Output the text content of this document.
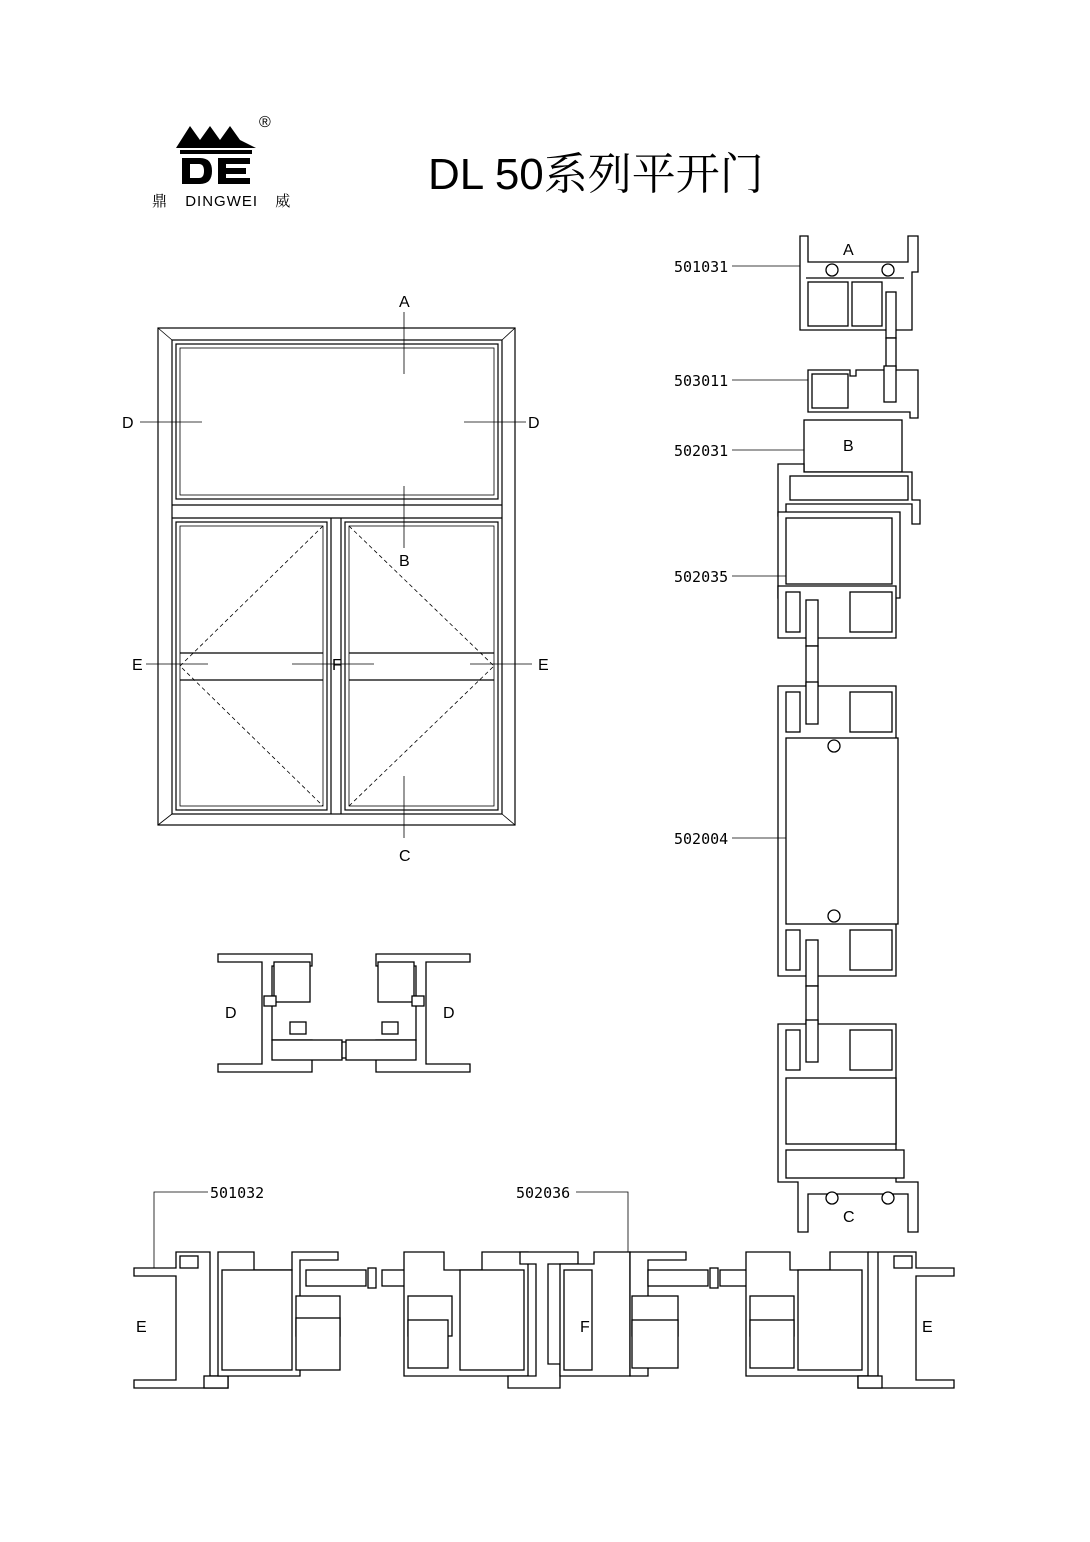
®
鼎 DINGWEI 威
DL 50系列平开门
A
B
C
D	D
E	F	E
501031
503011
502031
502035
502004
A
B
C
D	D
501032	502036
E	F	E
